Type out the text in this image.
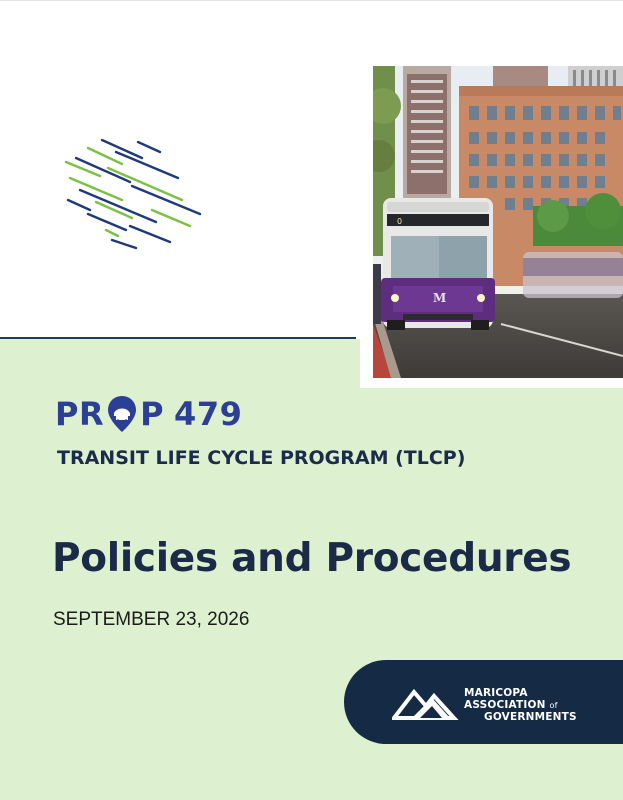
0
M
PR P 479
TRANSIT LIFE CYCLE PROGRAM (TLCP)
Policies and Procedures
SEPTEMBER 23, 2026
MARICOPA
ASSOCIATION of
GOVERNMENTS
